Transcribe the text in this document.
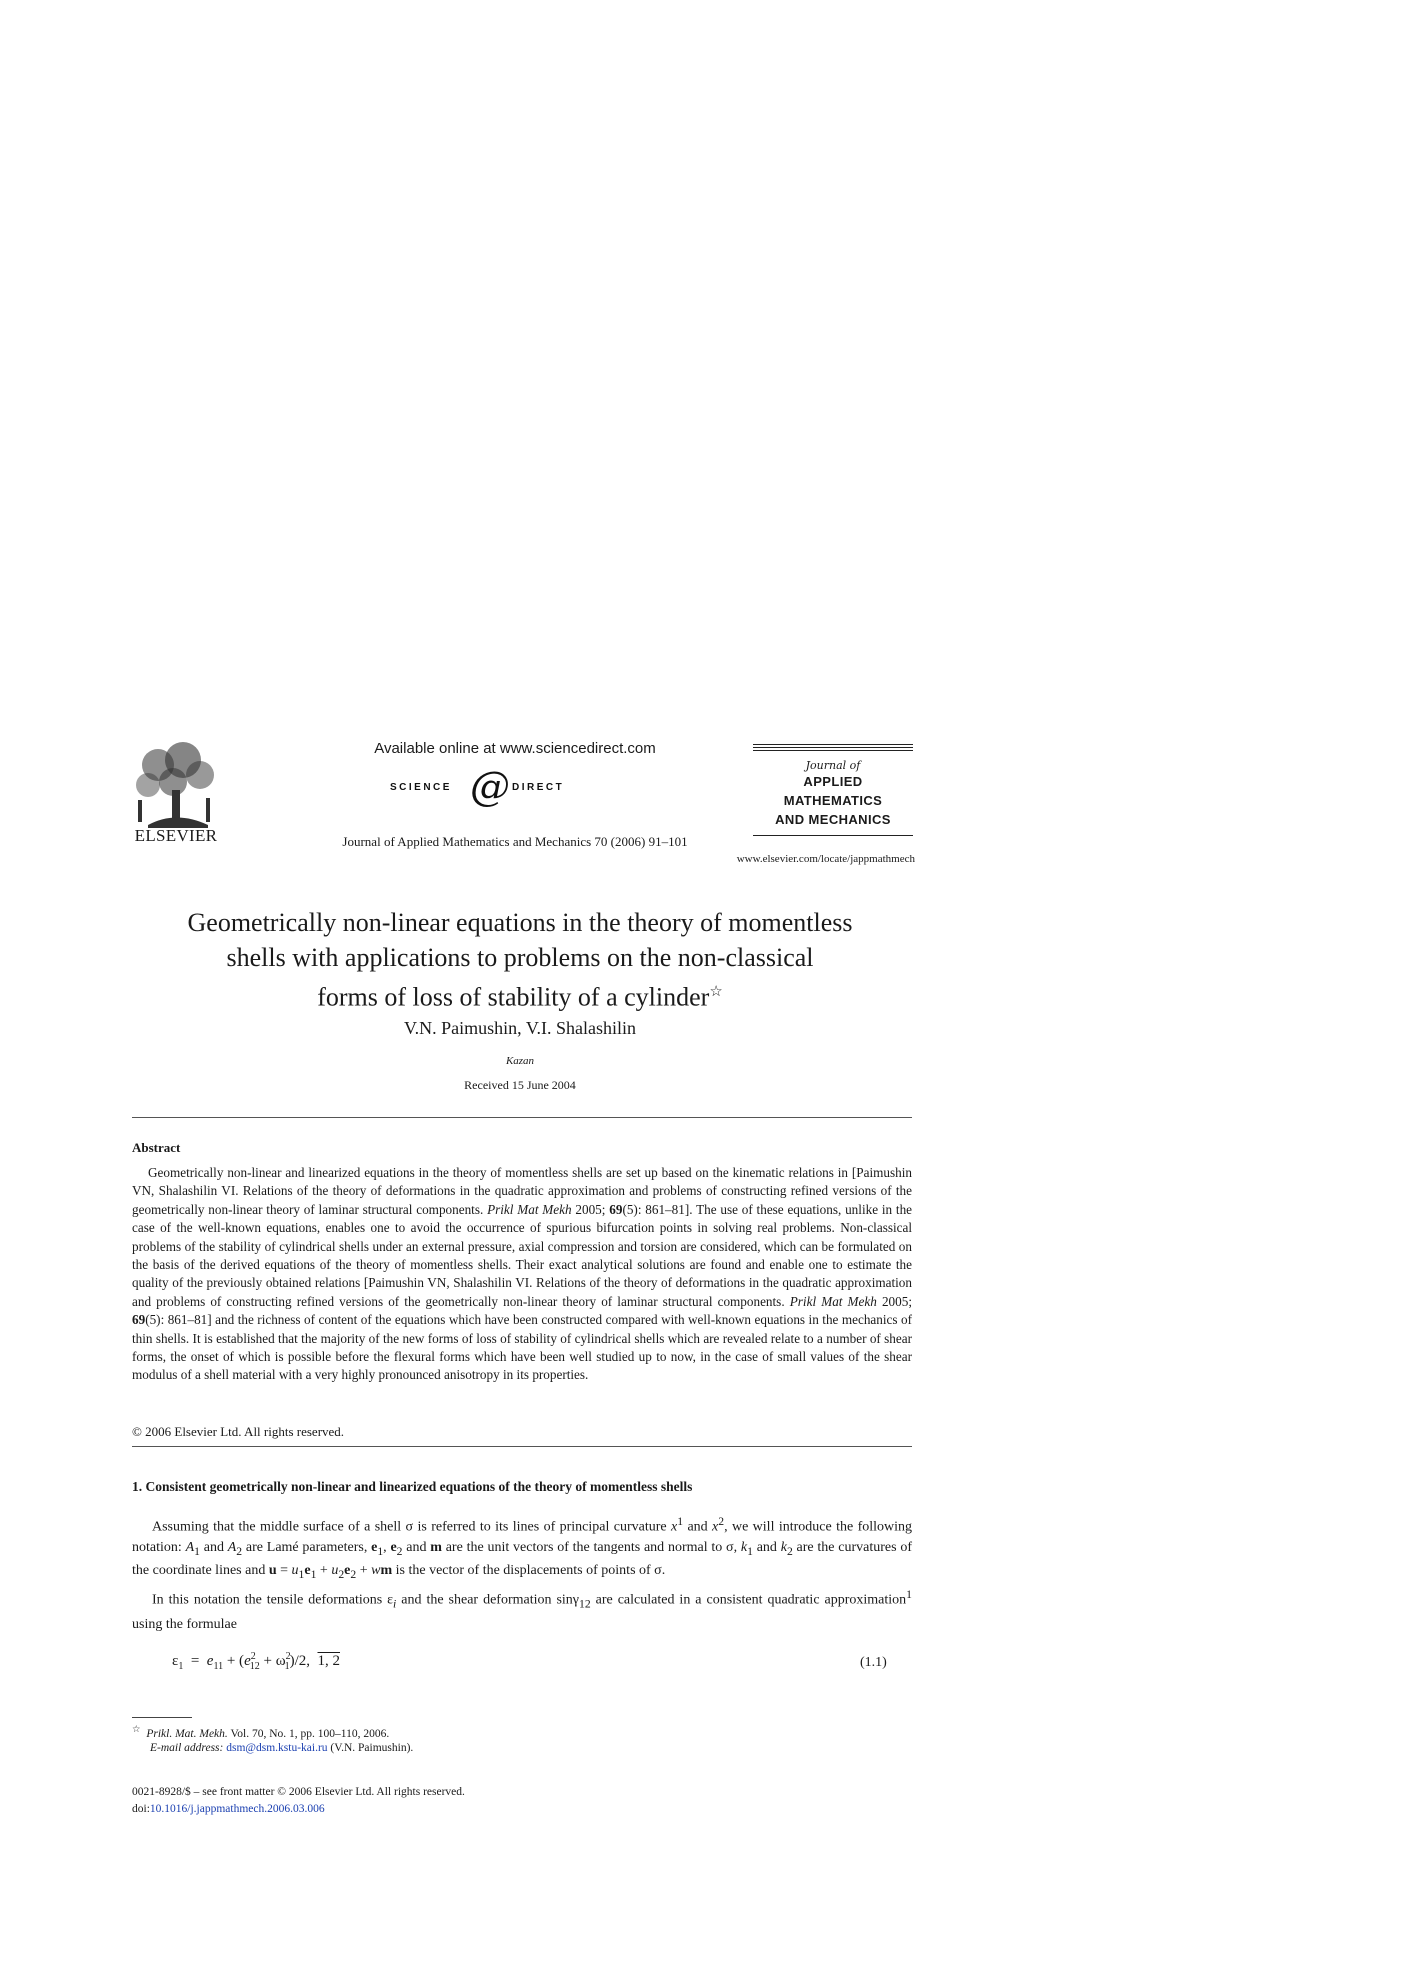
ELSEVIER
Available online at www.sciencedirect.com
SCIENCE @ DIRECT
Journal of Applied Mathematics and Mechanics 70 (2006) 91–101
Journal of
APPLIED
MATHEMATICS
AND MECHANICS
www.elsevier.com/locate/jappmathmech
Geometrically non-linear equations in the theory of momentless
shells with applications to problems on the non-classical
forms of loss of stability of a cylinder☆
V.N. Paimushin, V.I. Shalashilin
Kazan
Received 15 June 2004
Abstract

Geometrically non-linear and linearized equations in the theory of momentless shells are set up based on the kinematic relations in [Paimushin VN, Shalashilin VI. Relations of the theory of deformations in the quadratic approximation and problems of constructing refined versions of the geometrically non-linear theory of laminar structural components. Prikl Mat Mekh 2005; 69(5): 861–81]. The use of these equations, unlike in the case of the well-known equations, enables one to avoid the occurrence of spurious bifurcation points in solving real problems. Non-classical problems of the stability of cylindrical shells under an external pressure, axial compression and torsion are considered, which can be formulated on the basis of the derived equations of the theory of momentless shells. Their exact analytical solutions are found and enable one to estimate the quality of the previously obtained relations [Paimushin VN, Shalashilin VI. Relations of the theory of deformations in the quadratic approximation and problems of constructing refined versions of the geometrically non-linear theory of laminar structural components. Prikl Mat Mekh 2005; 69(5): 861–81] and the richness of content of the equations which have been constructed compared with well-known equations in the mechanics of thin shells. It is established that the majority of the new forms of loss of stability of cylindrical shells which are revealed relate to a number of shear forms, the onset of which is possible before the flexural forms which have been well studied up to now, in the case of small values of the shear modulus of a shell material with a very highly pronounced anisotropy in its properties.

© 2006 Elsevier Ltd. All rights reserved.
1. Consistent geometrically non-linear and linearized equations of the theory of momentless shells

Assuming that the middle surface of a shell σ is referred to its lines of principal curvature $x^1$ and $x^2$, we will introduce the following notation: $A_1$ and $A_2$ are Lamé parameters, $e_1$, $e_2$ and m are the unit vectors of the tangents and normal to σ, $k_1$ and $k_2$ are the curvatures of the coordinate lines and $u = u_1e_1 + u_2e_2$ + wm is the vector of the displacements of points of σ.

In this notation the tensile deformations $\varepsilon_i$ and the shear deformation sinγ$_{12}$ are calculated in a consistent quadratic approximation$^1$ using the formulae

$\varepsilon_1 = e_{11} + (e^2_{12} + \omega^2_1)/2$,  1, 2	(1.1)
☆ Prikl. Mat. Mekh. Vol. 70, No. 1, pp. 100–110, 2006.
E-mail address: dsm@dsm.kstu-kai.ru (V.N. Paimushin).
0021-8928/$ – see front matter © 2006 Elsevier Ltd. All rights reserved.
doi:10.1016/j.jappmathmech.2006.03.006
